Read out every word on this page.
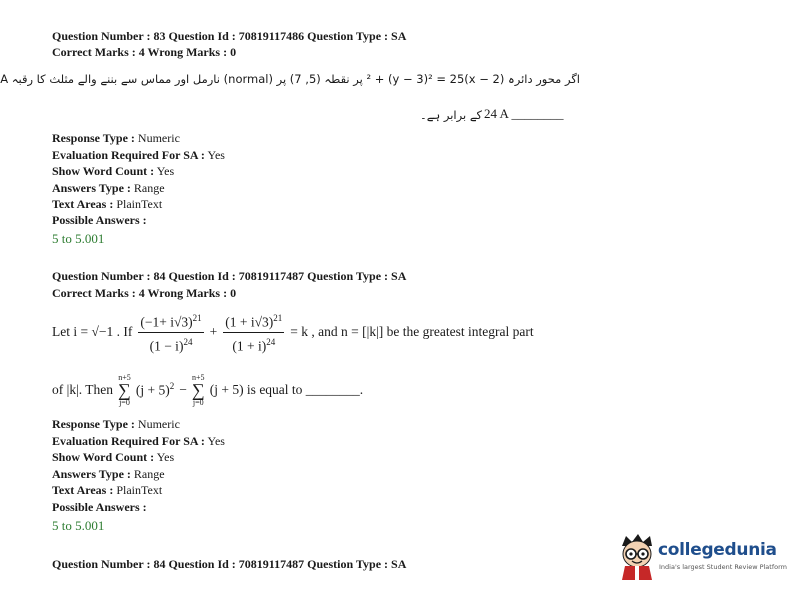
Question Number : 83 Question Id : 70819117486 Question Type : SA
Correct Marks : 4 Wrong Marks : 0
اگر محور دائرہ (x − 2)² + (y − 3)² = 25 پر نقطہ (5, 7) پر (normal) نارمل اور مماس سے بننے والے مثلث کا رقبہ A
24 A ________
کے برابر ہے۔
Response Type : Numeric
Evaluation Required For SA : Yes
Show Word Count : Yes
Answers Type : Range
Text Areas : PlainText
Possible Answers :
5 to 5.001
Question Number : 84 Question Id : 70819117487 Question Type : SA
Correct Marks : 4 Wrong Marks : 0
Let i = √−1 . If $\frac{(-1+ i√3)^{21}}{(1 - i)^{24}} + \frac{(1 + i√3)^{21}}{(1 + i)^{24}} = k$ , and n = [|k|] be the greatest integral part
of |k|. Then
n+5
∑
j=0
$(j + 5)^2$ −
n+5
∑
j=0
(j + 5) is equal to ________.
Response Type : Numeric
Evaluation Required For SA : Yes
Show Word Count : Yes
Answers Type : Range
Text Areas : PlainText
Possible Answers :
5 to 5.001
Question Number : 84 Question Id : 70819117487 Question Type : SA
collegedunia
India's largest Student Review Platform
